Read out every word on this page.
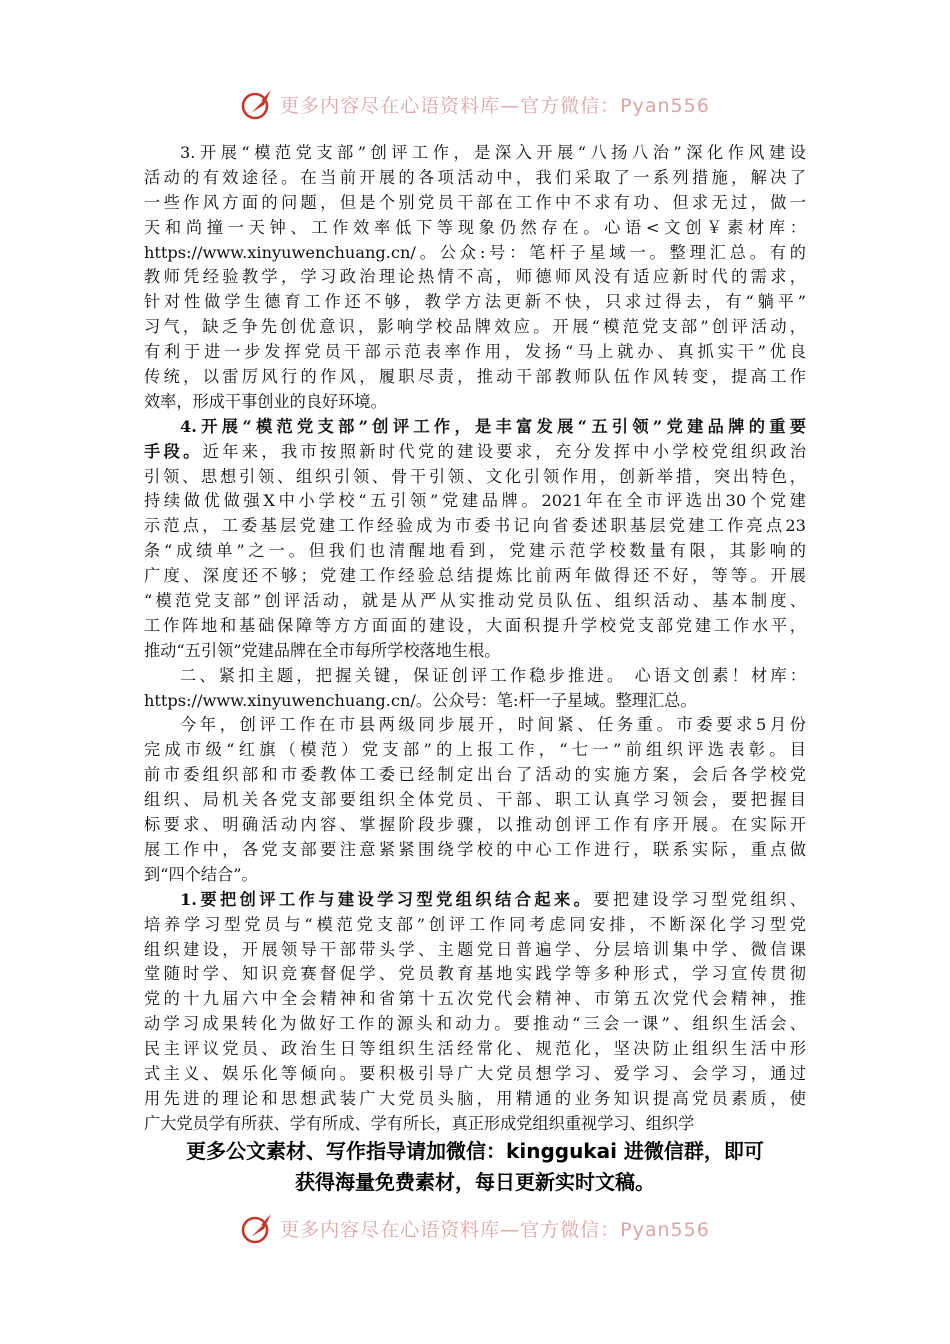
更多内容尽在心语资料库—官方微信：Pyan556
3.开展“模范党支部”创评工作，是深入开展“八扬八治”深化作风建设
活动的有效途径。在当前开展的各项活动中，我们采取了一系列措施，解决了
一些作风方面的问题，但是个别党员干部在工作中不求有功、但求无过，做一
天和尚撞一天钟、工作效率低下等现象仍然存在。心语<文创￥素材库：
https://www.xinyuwenchuang.cn/。公众:号：笔杆子星域一。整理汇总。有的
教师凭经验教学，学习政治理论热情不高，师德师风没有适应新时代的需求，
针对性做学生德育工作还不够，教学方法更新不快，只求过得去，有“躺平”
习气，缺乏争先创优意识，影响学校品牌效应。开展“模范党支部”创评活动，
有利于进一步发挥党员干部示范表率作用，发扬“马上就办、真抓实干”优良
传统，以雷厉风行的作风，履职尽责，推动干部教师队伍作风转变，提高工作
效率，形成干事创业的良好环境。
4.开展“模范党支部”创评工作，是丰富发展“五引领”党建品牌的重要
手段。近年来，我市按照新时代党的建设要求，充分发挥中小学校党组织政治
引领、思想引领、组织引领、骨干引领、文化引领作用，创新举措，突出特色，
持续做优做强X中小学校“五引领”党建品牌。2021年在全市评选出30个党建
示范点，工委基层党建工作经验成为市委书记向省委述职基层党建工作亮点23
条“成绩单”之一。但我们也清醒地看到，党建示范学校数量有限，其影响的
广度、深度还不够；党建工作经验总结提炼比前两年做得还不好，等等。开展
“模范党支部”创评活动，就是从严从实推动党员队伍、组织活动、基本制度、
工作阵地和基础保障等方方面面的建设，大面积提升学校党支部党建工作水平，
推动“五引领”党建品牌在全市每所学校落地生根。
二、紧扣主题，把握关键，保证创评工作稳步推进。 心语文创素！材库：
https://www.xinyuwenchuang.cn/。公众号：笔:杆一子星域。整理汇总。
今年，创评工作在市县两级同步展开，时间紧、任务重。市委要求5月份
完成市级“红旗（模范）党支部”的上报工作，“七一”前组织评选表彰。目
前市委组织部和市委教体工委已经制定出台了活动的实施方案，会后各学校党
组织、局机关各党支部要组织全体党员、干部、职工认真学习领会，要把握目
标要求、明确活动内容、掌握阶段步骤，以推动创评工作有序开展。在实际开
展工作中，各党支部要注意紧紧围绕学校的中心工作进行，联系实际，重点做
到“四个结合”。
1.要把创评工作与建设学习型党组织结合起来。要把建设学习型党组织、
培养学习型党员与“模范党支部”创评工作同考虑同安排，不断深化学习型党
组织建设，开展领导干部带头学、主题党日普遍学、分层培训集中学、微信课
堂随时学、知识竞赛督促学、党员教育基地实践学等多种形式，学习宣传贯彻
党的十九届六中全会精神和省第十五次党代会精神、市第五次党代会精神，推
动学习成果转化为做好工作的源头和动力。要推动“三会一课”、组织生活会、
民主评议党员、政治生日等组织生活经常化、规范化，坚决防止组织生活中形
式主义、娱乐化等倾向。要积极引导广大党员想学习、爱学习、会学习，通过
用先进的理论和思想武装广大党员头脑，用精通的业务知识提高党员素质，使
广大党员学有所获、学有所成、学有所长，真正形成党组织重视学习、组织学
更多公文素材、写作指导请加微信：kinggukai 进微信群，即可
获得海量免费素材，每日更新实时文稿。
更多内容尽在心语资料库—官方微信：Pyan556
